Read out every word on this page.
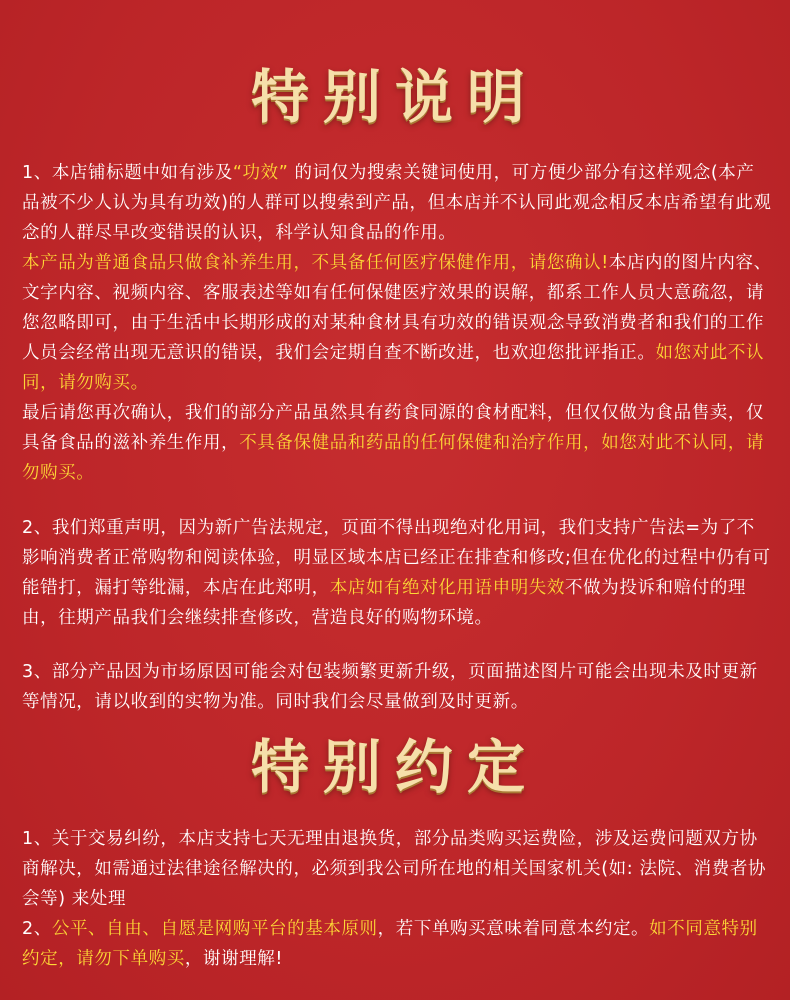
特别说明

1、本店铺标题中如有涉及“功效” 的词仅为搜索关键词使用，可方便少部分有这样观念(本产品被不少人认为具有功效)的人群可以搜索到产品，但本店并不认同此观念相反本店希望有此观念的人群尽早改变错误的认识，科学认知食品的作用。
本产品为普通食品只做食补养生用，不具备任何医疗保健作用，请您确认!本店内的图片内容、文字内容、视频内容、客服表述等如有任何保健医疗效果的误解，都系工作人员大意疏忽，请您忽略即可，由于生活中长期形成的对某种食材具有功效的错误观念导致消费者和我们的工作人员会经常出现无意识的错误，我们会定期自查不断改进，也欢迎您批评指正。如您对此不认同，请勿购买。
最后请您再次确认，我们的部分产品虽然具有药食同源的食材配料，但仅仅做为食品售卖，仅具备食品的滋补养生作用，不具备保健品和药品的任何保健和治疗作用，如您对此不认同，请勿购买。

2、我们郑重声明，因为新广告法规定，页面不得出现绝对化用词，我们支持广告法=为了不影响消费者正常购物和阅读体验，明显区域本店已经正在排查和修改;但在优化的过程中仍有可能错打，漏打等纰漏，本店在此郑明，本店如有绝对化用语申明失效不做为投诉和赔付的理由，往期产品我们会继续排查修改，营造良好的购物环境。

3、部分产品因为市场原因可能会对包装频繁更新升级，页面描述图片可能会出现未及时更新等情况，请以收到的实物为准。同时我们会尽量做到及时更新。

特别约定

1、关于交易纠纷，本店支持七天无理由退换货，部分品类购买运费险，涉及运费问题双方协商解决，如需通过法律途径解决的，必须到我公司所在地的相关国家机关(如: 法院、消费者协会等) 来处理
2、公平、自由、自愿是网购平台的基本原则，若下单购买意味着同意本约定。如不同意特别约定，请勿下单购买，谢谢理解!
